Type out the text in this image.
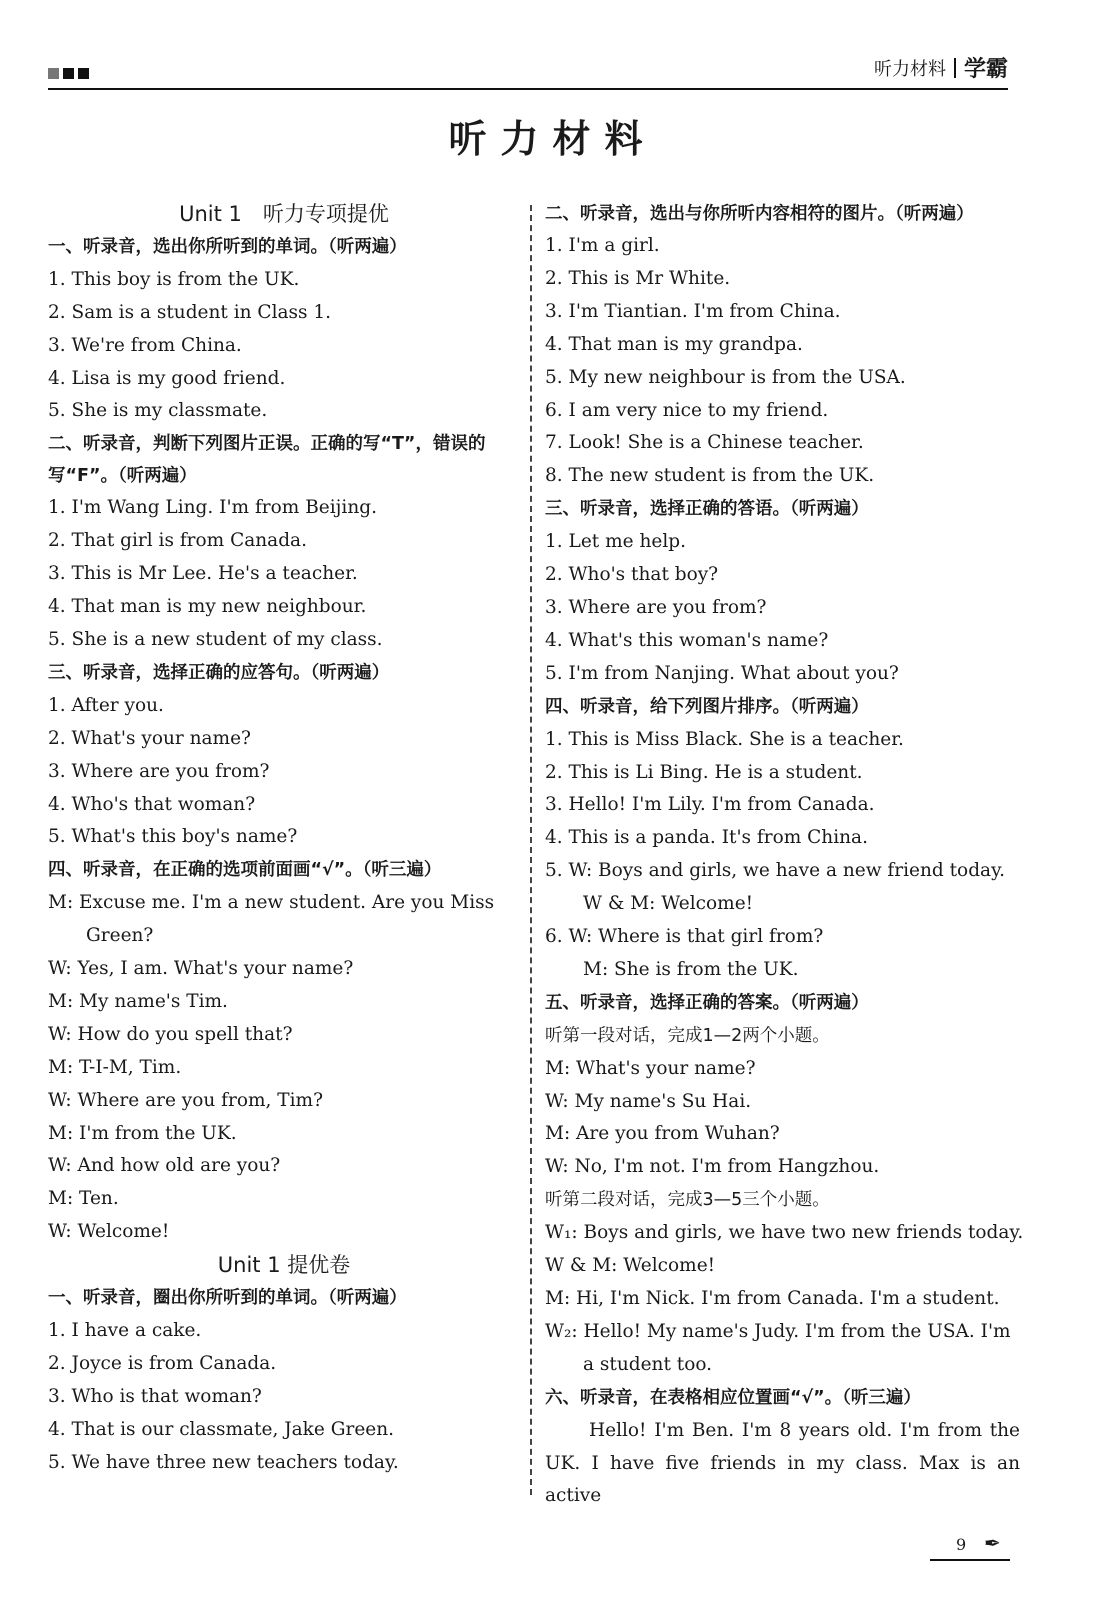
听力材料 学霸
听力材料
Unit 1　听力专项提优
一、听录音，选出你所听到的单词。（听两遍）
1. This boy is from the UK.
2. Sam is a student in Class 1.
3. We're from China.
4. Lisa is my good friend.
5. She is my classmate.
二、听录音，判断下列图片正误。正确的写“T”，错误的写“F”。（听两遍）
1. I'm Wang Ling. I'm from Beijing.
2. That girl is from Canada.
3. This is Mr Lee. He's a teacher.
4. That man is my new neighbour.
5. She is a new student of my class.
三、听录音，选择正确的应答句。（听两遍）
1. After you.
2. What's your name?
3. Where are you from?
4. Who's that woman?
5. What's this boy's name?
四、听录音，在正确的选项前面画“√”。（听三遍）
M: Excuse me. I'm a new student. Are you Miss Green?
W: Yes, I am. What's your name?
M: My name's Tim.
W: How do you spell that?
M: T-I-M, Tim.
W: Where are you from, Tim?
M: I'm from the UK.
W: And how old are you?
M: Ten.
W: Welcome!
Unit 1 提优卷
一、听录音，圈出你所听到的单词。（听两遍）
1. I have a cake.
2. Joyce is from Canada.
3. Who is that woman?
4. That is our classmate, Jake Green.
5. We have three new teachers today.
二、听录音，选出与你所听内容相符的图片。（听两遍）
1. I'm a girl.
2. This is Mr White.
3. I'm Tiantian. I'm from China.
4. That man is my grandpa.
5. My new neighbour is from the USA.
6. I am very nice to my friend.
7. Look! She is a Chinese teacher.
8. The new student is from the UK.
三、听录音，选择正确的答语。（听两遍）
1. Let me help.
2. Who's that boy?
3. Where are you from?
4. What's this woman's name?
5. I'm from Nanjing. What about you?
四、听录音，给下列图片排序。（听两遍）
1. This is Miss Black. She is a teacher.
2. This is Li Bing. He is a student.
3. Hello! I'm Lily. I'm from Canada.
4. This is a panda. It's from China.
5. W: Boys and girls, we have a new friend today.
W & M: Welcome!
6. W: Where is that girl from?
M: She is from the UK.
五、听录音，选择正确的答案。（听两遍）
听第一段对话，完成1—2两个小题。
M: What's your name?
W: My name's Su Hai.
M: Are you from Wuhan?
W: No, I'm not. I'm from Hangzhou.
听第二段对话，完成3—5三个小题。
W₁: Boys and girls, we have two new friends today.
W & M: Welcome!
M: Hi, I'm Nick. I'm from Canada. I'm a student.
W₂: Hello! My name's Judy. I'm from the USA. I'm a student too.
六、听录音，在表格相应位置画“√”。（听三遍）
Hello! I'm Ben. I'm 8 years old. I'm from the UK. I have five friends in my class. Max is an active
9 ✒
